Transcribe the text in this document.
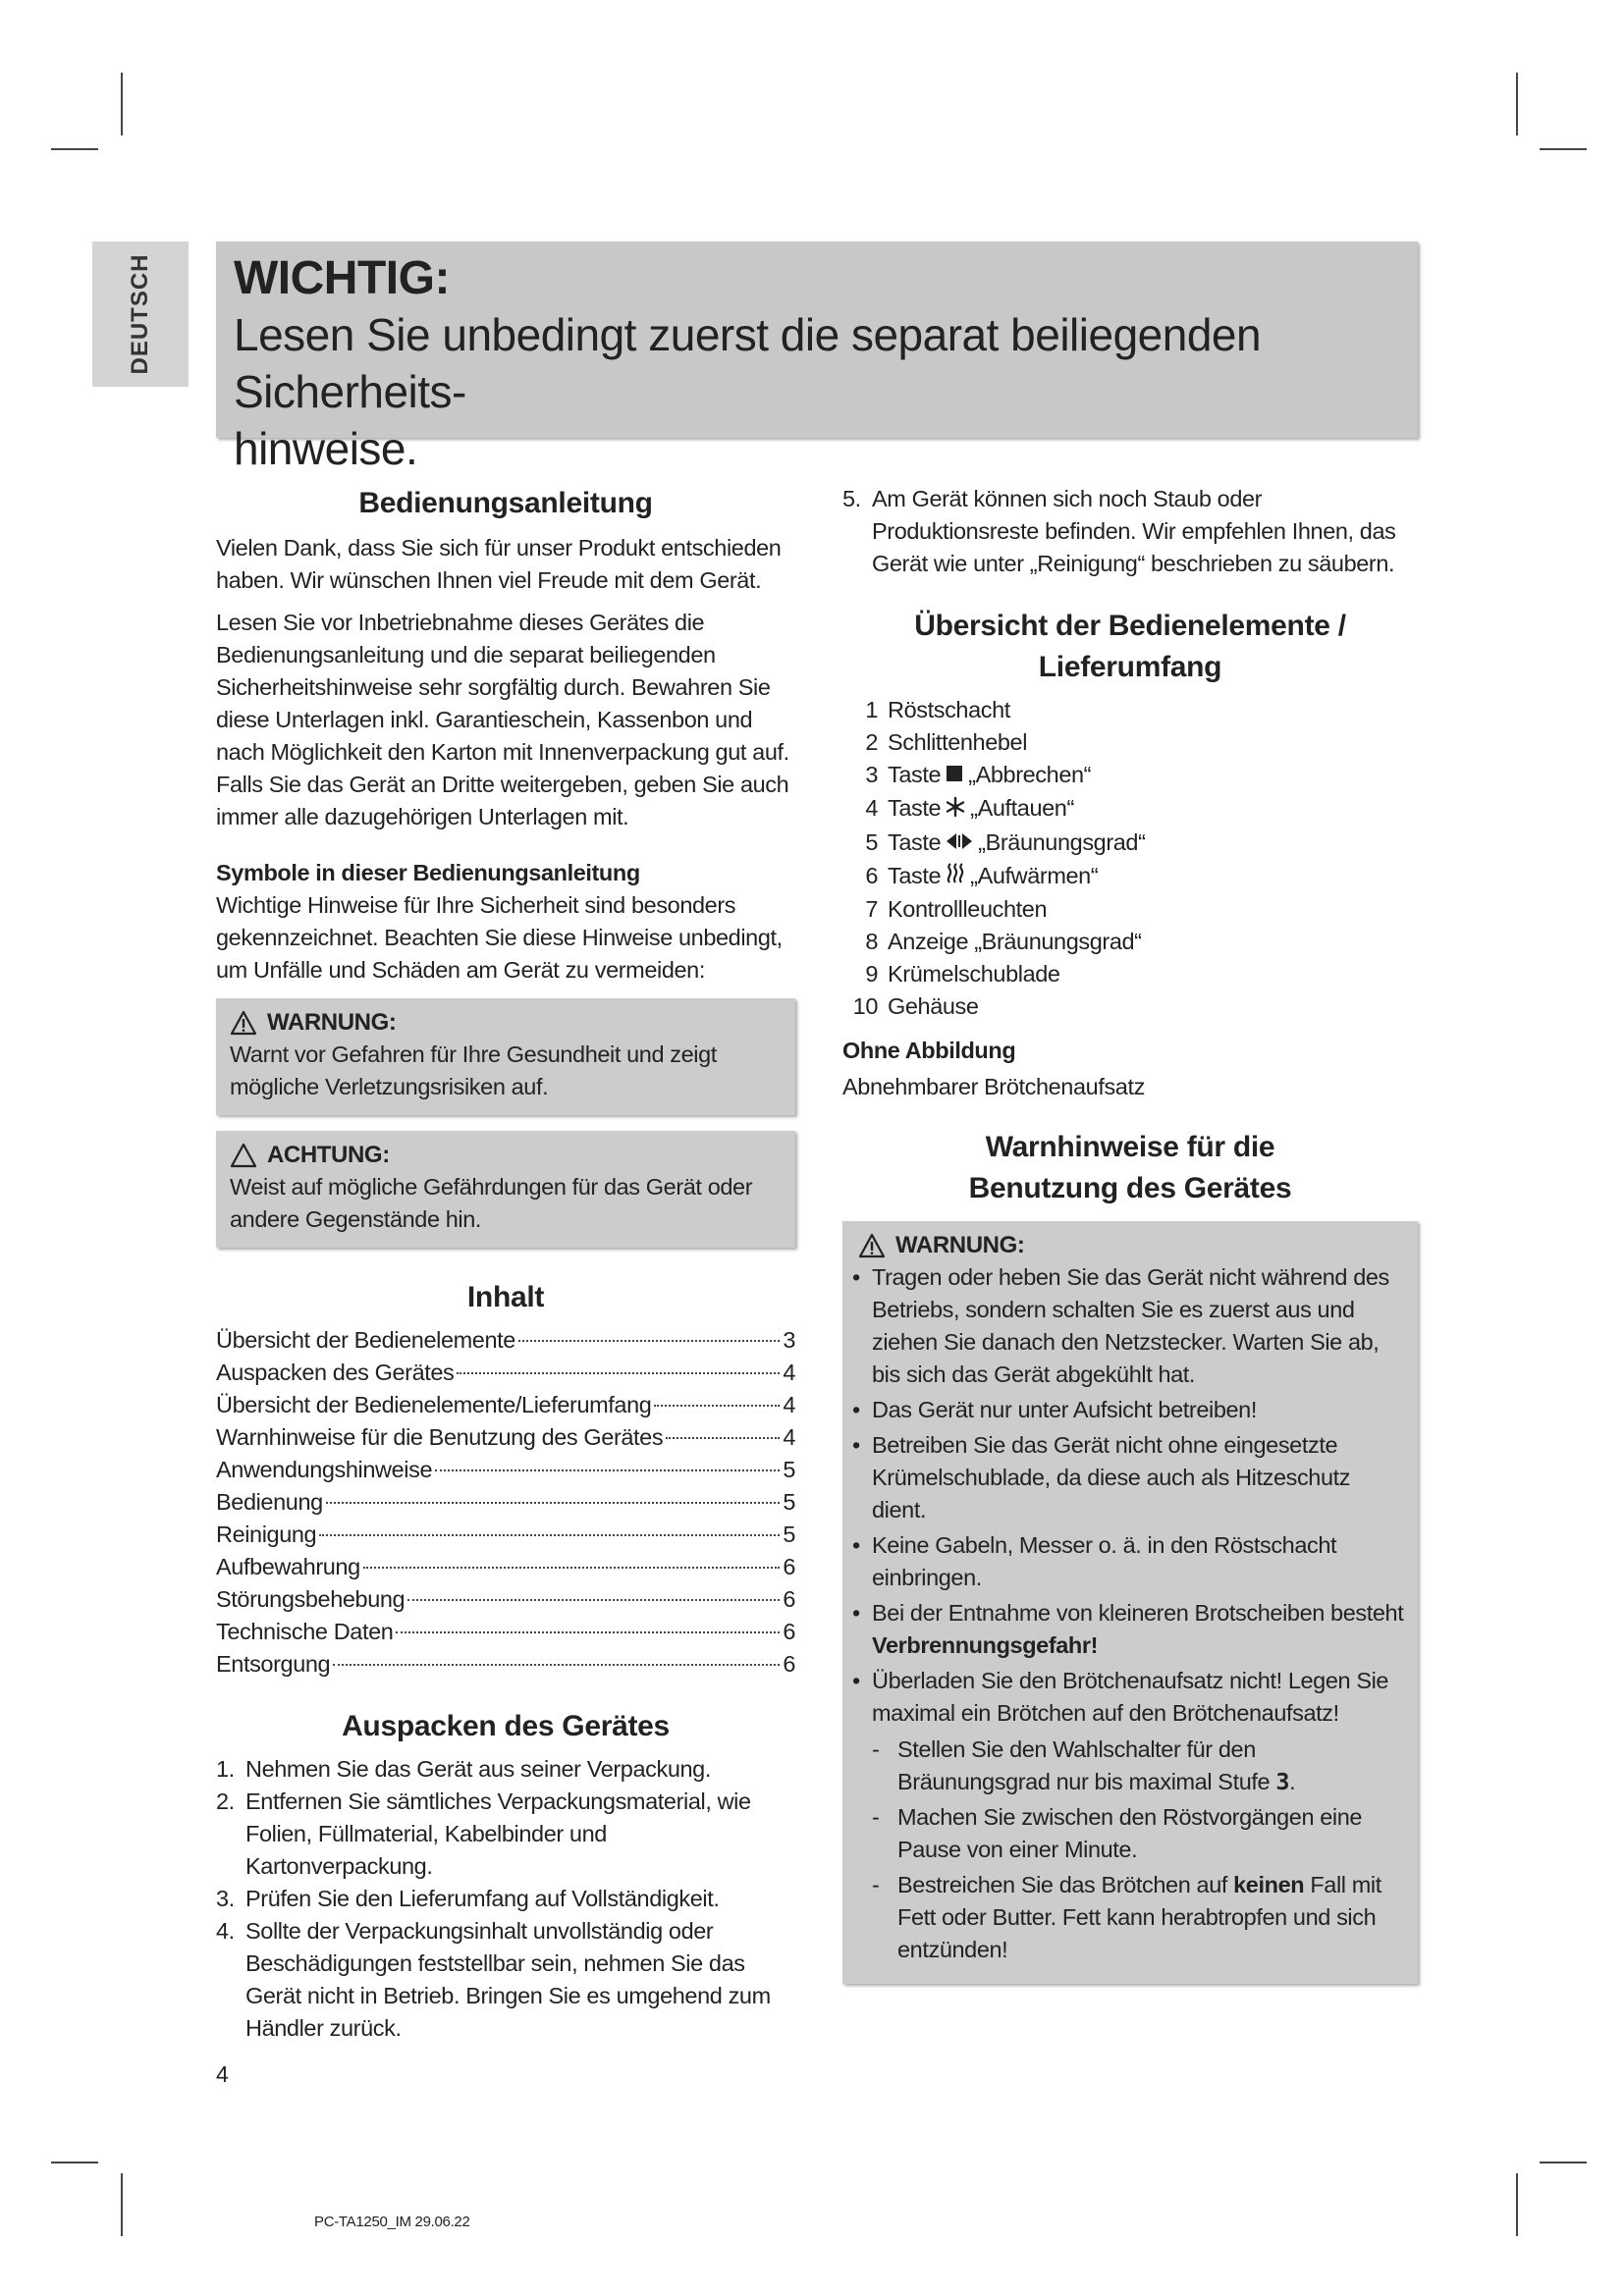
DEUTSCH WICHTIG:
Lesen Sie unbedingt zuerst die separat beiliegenden Sicherheits-
hinweise.
Bedienungsanleitung

Vielen Dank, dass Sie sich für unser Produkt entschieden haben. Wir wünschen Ihnen viel Freude mit dem Gerät.

Lesen Sie vor Inbetriebnahme dieses Gerätes die Bedienungsanleitung und die separat beiliegenden Sicherheitshinweise sehr sorgfältig durch. Bewahren Sie diese Unterlagen inkl. Garantieschein, Kassenbon und nach Möglichkeit den Karton mit Innenverpackung gut auf. Falls Sie das Gerät an Dritte weitergeben, geben Sie auch immer alle dazugehörigen Unterlagen mit.

Symbole in dieser Bedienungsanleitung

Wichtige Hinweise für Ihre Sicherheit sind besonders gekennzeichnet. Beachten Sie diese Hinweise unbedingt, um Unfälle und Schäden am Gerät zu vermeiden:

WARNUNG:

Warnt vor Gefahren für Ihre Gesundheit und zeigt mögliche Verletzungsrisiken auf.

ACHTUNG:

Weist auf mögliche Gefährdungen für das Gerät oder andere Gegenstände hin.

Inhalt
Übersicht der Bedienelemente	3
Auspacken des Gerätes	4
Übersicht der Bedienelemente/Lieferumfang	4
Warnhinweise für die Benutzung des Gerätes	4
Anwendungshinweise	5
Bedienung	5
Reinigung	5
Aufbewahrung	6
Störungsbehebung	6
Technische Daten	6
Entsorgung	6
Auspacken des Gerätes
1. Nehmen Sie das Gerät aus seiner Verpackung.
2. Entfernen Sie sämtliches Verpackungsmaterial, wie Folien, Füllmaterial, Kabelbinder und Kartonverpackung.
3. Prüfen Sie den Lieferumfang auf Vollständigkeit.
4. Sollte der Verpackungsinhalt unvollständig oder Beschädigungen feststellbar sein, nehmen Sie das Gerät nicht in Betrieb. Bringen Sie es umgehend zum Händler zurück.
5. Am Gerät können sich noch Staub oder Produktionsreste befinden. Wir empfehlen Ihnen, das Gerät wie unter „Reinigung“ beschrieben zu säubern.
Übersicht der Bedienelemente /
Lieferumfang
1 Röstschacht
2 Schlittenhebel
3 Taste „Abbrechen“
4 Taste „Auftauen“
5 Taste „Bräunungsgrad“
6 Taste „Aufwärmen“
7 Kontrollleuchten
8 Anzeige „Bräunungsgrad“
9 Krümelschublade
10 Gehäuse

Ohne Abbildung

Abnehmbarer Brötchenaufsatz

Warnhinweise für die
Benutzung des Gerätes
WARNUNG:
• Tragen oder heben Sie das Gerät nicht während des Betriebs, sondern schalten Sie es zuerst aus und ziehen Sie danach den Netzstecker. Warten Sie ab, bis sich das Gerät abgekühlt hat.
• Das Gerät nur unter Aufsicht betreiben!
• Betreiben Sie das Gerät nicht ohne eingesetzte Krümelschublade, da diese auch als Hitzeschutz dient.
• Keine Gabeln, Messer o. ä. in den Röstschacht einbringen.
• Bei der Entnahme von kleineren Brotscheiben besteht
Verbrennungsgefahr!
• Überladen Sie den Brötchenaufsatz nicht! Legen Sie maximal ein Brötchen auf den Brötchenaufsatz!
- Stellen Sie den Wahlschalter für den Bräunungsgrad nur bis maximal Stufe 3.
- Machen Sie zwischen den Röstvorgängen eine Pause von einer Minute.
- Bestreichen Sie das Brötchen auf keinen Fall mit Fett oder Butter. Fett kann herabtropfen und sich entzünden!
4
PC-TA1250_IM 29.06.22
